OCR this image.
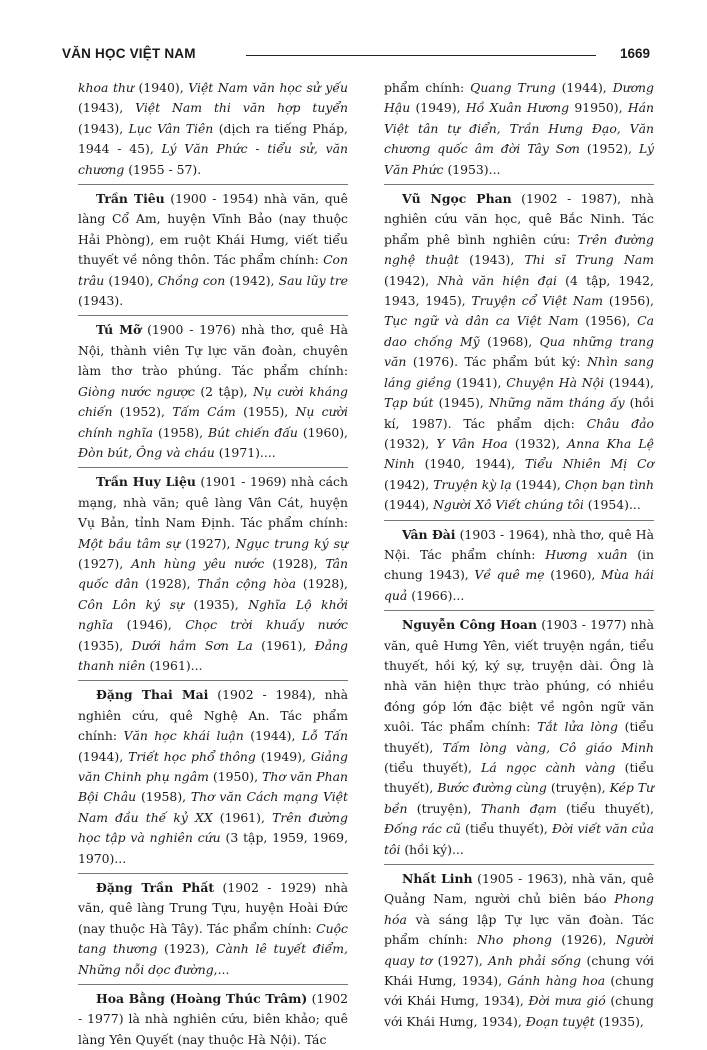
VĂN HỌC VIỆT NAM	1669

khoa thư (1940), Việt Nam văn học sử yếu (1943), Việt Nam thi văn hợp tuyển (1943), Lục Vân Tiên (dịch ra tiếng Pháp, 1944 - 45), Lý Văn Phức - tiểu sử, văn chương (1955 - 57).

Trần Tiêu (1900 - 1954) nhà văn, quê làng Cổ Am, huyện Vĩnh Bảo (nay thuộc Hải Phòng), em ruột Khái Hưng, viết tiểu thuyết về nông thôn. Tác phẩm chính: Con trâu (1940), Chồng con (1942), Sau lũy tre (1943).

Tú Mỡ (1900 - 1976) nhà thơ, quê Hà Nội, thành viên Tự lực văn đoàn, chuyên làm thơ trào phúng. Tác phẩm chính: Giòng nước ngược (2 tập), Nụ cười kháng chiến (1952), Tấm Cám (1955), Nụ cười chính nghĩa (1958), Bút chiến đấu (1960), Đòn bút, Ông và cháu (1971)....

Trần Huy Liệu (1901 - 1969) nhà cách mạng, nhà văn; quê làng Vân Cát, huyện Vụ Bản, tỉnh Nam Định. Tác phẩm chính: Một bầu tâm sự (1927), Ngục trung ký sự (1927), Anh hùng yêu nước (1928), Tân quốc dân (1928), Thần cộng hòa (1928), Côn Lôn ký sự (1935), Nghĩa Lộ khởi nghĩa (1946), Chọc trời khuấy nước (1935), Dưới hầm Sơn La (1961), Đảng thanh niên (1961)...

Đặng Thai Mai (1902 - 1984), nhà nghiên cứu, quê Nghệ An. Tác phẩm chính: Văn học khái luận (1944), Lỗ Tấn (1944), Triết học phổ thông (1949), Giảng văn Chinh phụ ngâm (1950), Thơ văn Phan Bội Châu (1958), Thơ văn Cách mạng Việt Nam đầu thế kỷ XX (1961), Trên đường học tập và nghiên cứu (3 tập, 1959, 1969, 1970)...

Đặng Trần Phất (1902 - 1929) nhà văn, quê làng Trung Tựu, huyện Hoài Đức (nay thuộc Hà Tây). Tác phẩm chính: Cuộc tang thương (1923), Cành lê tuyết điểm, Những nỗi dọc đường,...

Hoa Bằng (Hoàng Thúc Trâm) (1902 - 1977) là nhà nghiên cứu, biên khảo; quê làng Yên Quyết (nay thuộc Hà Nội). Tác

phẩm chính: Quang Trung (1944), Dương Hậu (1949), Hồ Xuân Hương 91950), Hán Việt tân tự điển, Trần Hưng Đạo, Văn chương quốc âm đời Tây Sơn (1952), Lý Văn Phức (1953)...

Vũ Ngọc Phan (1902 - 1987), nhà nghiên cứu văn học, quê Bắc Ninh. Tác phẩm phê bình nghiên cứu: Trên đường nghệ thuật (1943), Thi sĩ Trung Nam (1942), Nhà văn hiện đại (4 tập, 1942, 1943, 1945), Truyện cổ Việt Nam (1956), Tục ngữ và dân ca Việt Nam (1956), Ca dao chống Mỹ (1968), Qua những trang văn (1976). Tác phẩm bút ký: Nhìn sang láng giềng (1941), Chuyện Hà Nội (1944), Tạp bút (1945), Những năm tháng ấy (hồi kí, 1987). Tác phẩm dịch: Châu đảo (1932), Y Vân Hoa (1932), Anna Kha Lệ Ninh (1940, 1944), Tiểu Nhiên Mị Cơ (1942), Truyện kỳ lạ (1944), Chọn bạn tình (1944), Người Xô Viết chúng tôi (1954)...

Vân Đài (1903 - 1964), nhà thơ, quê Hà Nội. Tác phẩm chính: Hương xuân (in chung 1943), Về quê mẹ (1960), Mùa hái quả (1966)...

Nguyễn Công Hoan (1903 - 1977) nhà văn, quê Hưng Yên, viết truyện ngắn, tiểu thuyết, hồi ký, ký sự, truyện dài. Ông là nhà văn hiện thực trào phúng, có nhiều đóng góp lớn đặc biệt về ngôn ngữ văn xuôi. Tác phẩm chính: Tắt lửa lòng (tiểu thuyết), Tấm lòng vàng, Cô giáo Minh (tiểu thuyết), Lá ngọc cành vàng (tiểu thuyết), Bước đường cùng (truyện), Kép Tư bền (truyện), Thanh đạm (tiểu thuyết), Đống rác cũ (tiểu thuyết), Đời viết văn của tôi (hồi ký)...

Nhất Linh (1905 - 1963), nhà văn, quê Quảng Nam, người chủ biên báo Phong hóa và sáng lập Tự lực văn đoàn. Tác phẩm chính: Nho phong (1926), Người quay tơ (1927), Anh phải sống (chung với Khái Hưng, 1934), Gánh hàng hoa (chung với Khái Hưng, 1934), Đời mưa gió (chung với Khái Hưng, 1934), Đoạn tuyệt (1935),
